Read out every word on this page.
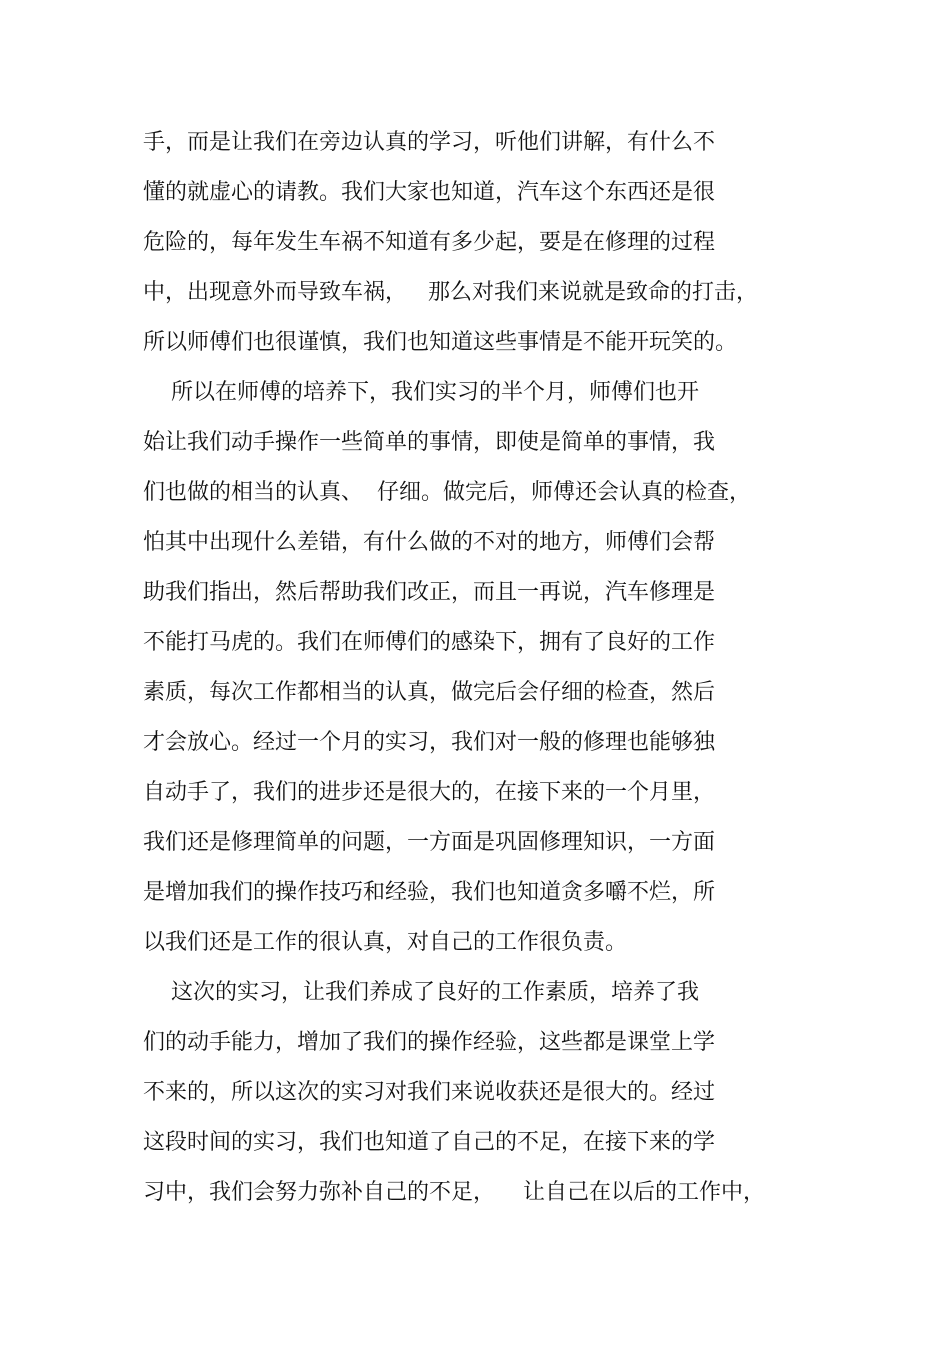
手，而是让我们在旁边认真的学习，听他们讲解，有什么不
懂的就虚心的请教。我们大家也知道，汽车这个东西还是很
危险的，每年发生车祸不知道有多少起，要是在修理的过程
中，出现意外而导致车祸，   那么对我们来说就是致命的打击，
所以师傅们也很谨慎，我们也知道这些事情是不能开玩笑的。
所以在师傅的培养下，我们实习的半个月，师傅们也开
始让我们动手操作一些简单的事情，即使是简单的事情，我
们也做的相当的认真、  仔细。做完后，师傅还会认真的检查，
怕其中出现什么差错，有什么做的不对的地方，师傅们会帮
助我们指出，然后帮助我们改正，而且一再说，汽车修理是
不能打马虎的。我们在师傅们的感染下，拥有了良好的工作
素质，每次工作都相当的认真，做完后会仔细的检查，然后
才会放心。经过一个月的实习，我们对一般的修理也能够独
自动手了，我们的进步还是很大的，在接下来的一个月里，
我们还是修理简单的问题，一方面是巩固修理知识，一方面
是增加我们的操作技巧和经验，我们也知道贪多嚼不烂，所
以我们还是工作的很认真，对自己的工作很负责。
这次的实习，让我们养成了良好的工作素质，培养了我
们的动手能力，增加了我们的操作经验，这些都是课堂上学
不来的，所以这次的实习对我们来说收获还是很大的。经过
这段时间的实习，我们也知道了自己的不足，在接下来的学
习中，我们会努力弥补自己的不足，    让自己在以后的工作中，
